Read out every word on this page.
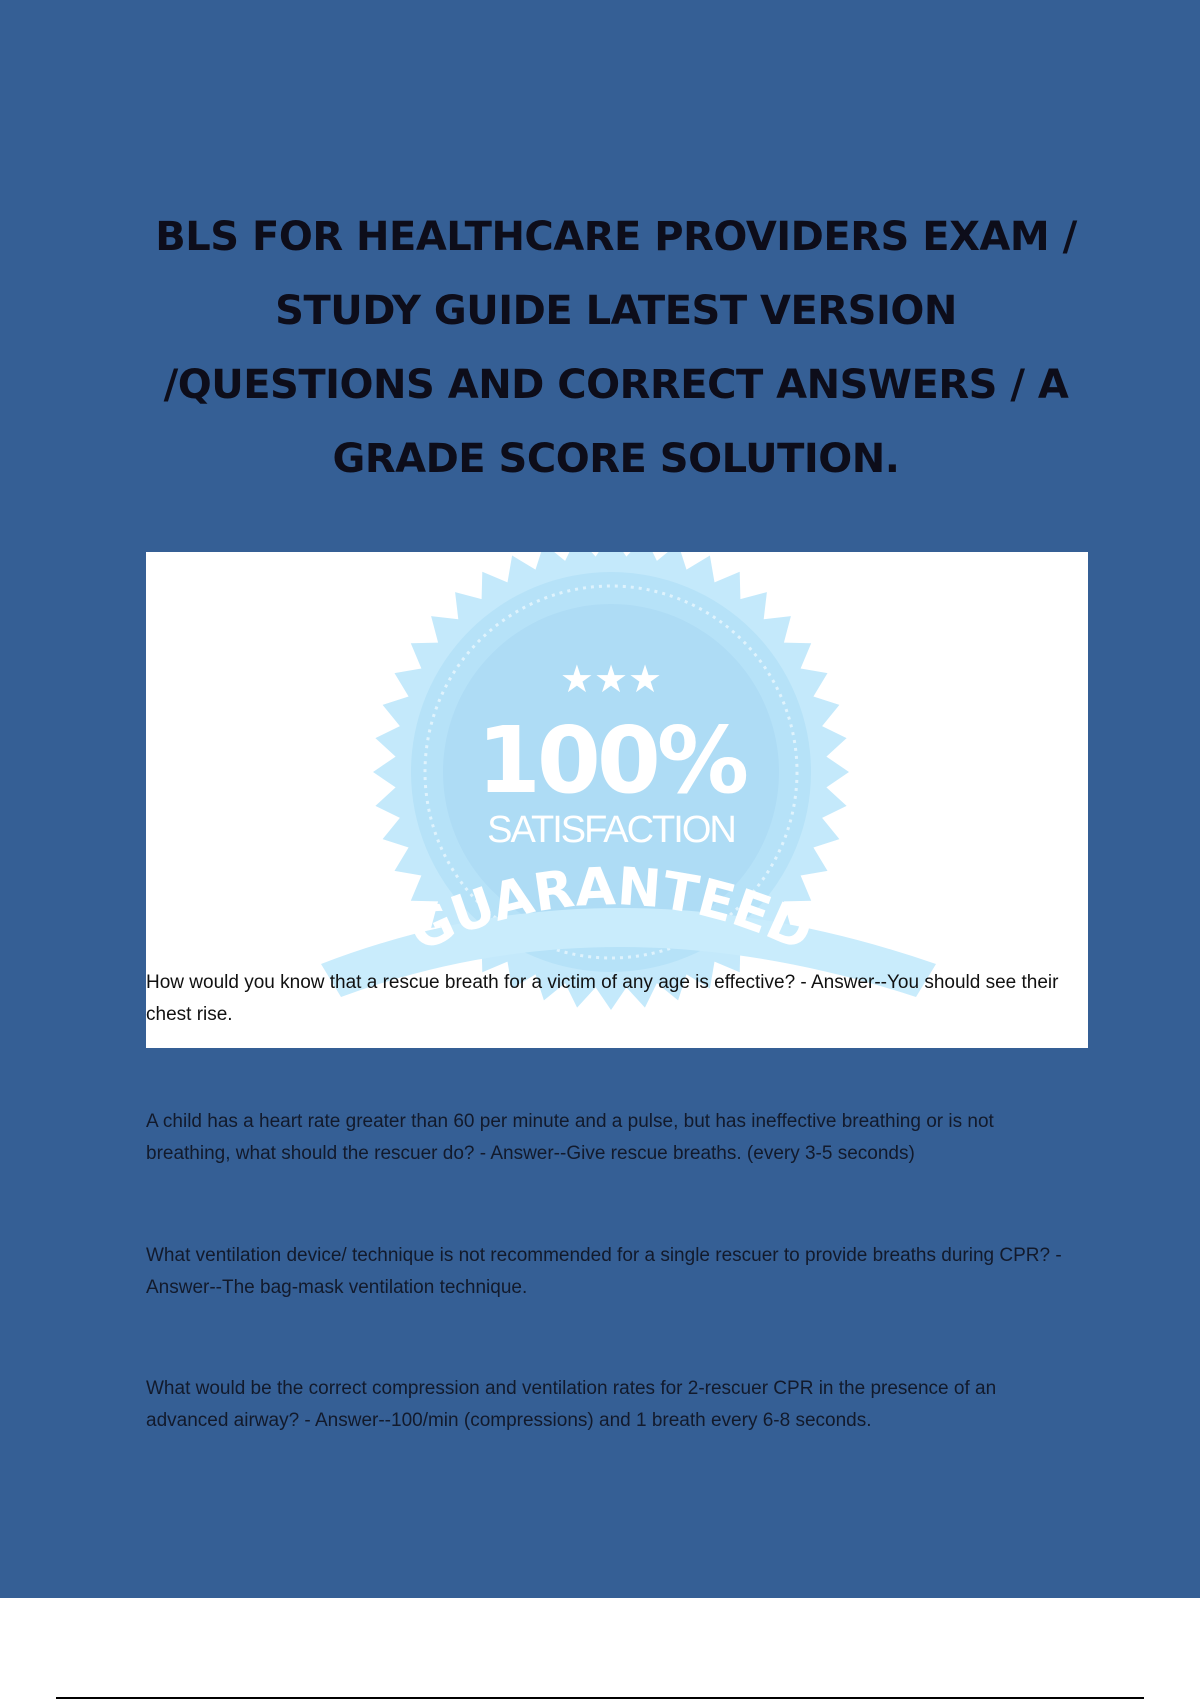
BLS FOR HEALTHCARE PROVIDERS EXAM /
STUDY GUIDE LATEST VERSION
/QUESTIONS AND CORRECT ANSWERS / A
GRADE SCORE SOLUTION.
★★★
100%
SATISFACTION
GUARANTEED
How would you know that a rescue breath for a victim of any age is effective? - Answer--You should see their chest rise.
A child has a heart rate greater than 60 per minute and a pulse, but has ineffective breathing or is not breathing, what should the rescuer do? - Answer--Give rescue breaths. (every 3-5 seconds)
What ventilation device/ technique is not recommended for a single rescuer to provide breaths during CPR? - Answer--The bag-mask ventilation technique.
What would be the correct compression and ventilation rates for 2-rescuer CPR in the presence of an advanced airway? - Answer--100/min (compressions) and 1 breath every 6-8 seconds.
